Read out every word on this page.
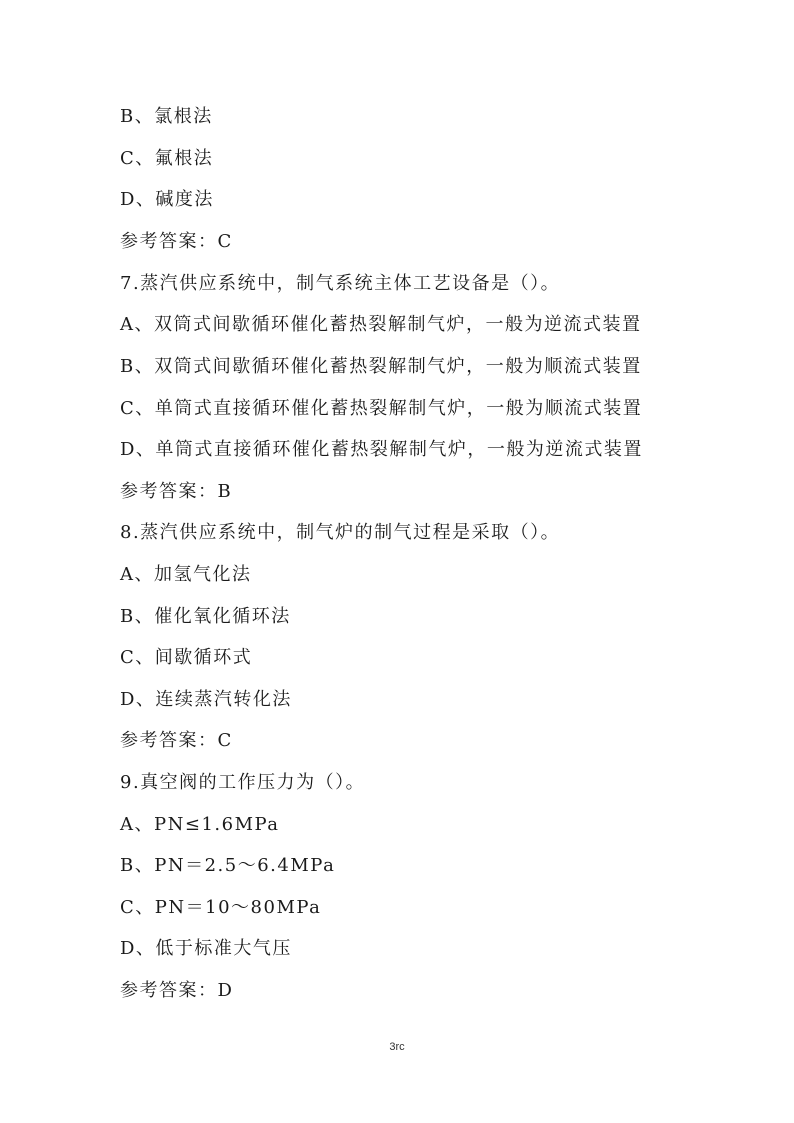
B、氯根法
C、氟根法
D、碱度法
参考答案：C
7.蒸汽供应系统中，制气系统主体工艺设备是（）。
A、双筒式间歇循环催化蓄热裂解制气炉，一般为逆流式装置
B、双筒式间歇循环催化蓄热裂解制气炉，一般为顺流式装置
C、单筒式直接循环催化蓄热裂解制气炉，一般为顺流式装置
D、单筒式直接循环催化蓄热裂解制气炉，一般为逆流式装置
参考答案：B
8.蒸汽供应系统中，制气炉的制气过程是采取（）。
A、加氢气化法
B、催化氧化循环法
C、间歇循环式
D、连续蒸汽转化法
参考答案：C
9.真空阀的工作压力为（）。
A、PN≤1.6MPa
B、PN＝2.5～6.4MPa
C、PN＝10～80MPa
D、低于标准大气压
参考答案：D
3rc
